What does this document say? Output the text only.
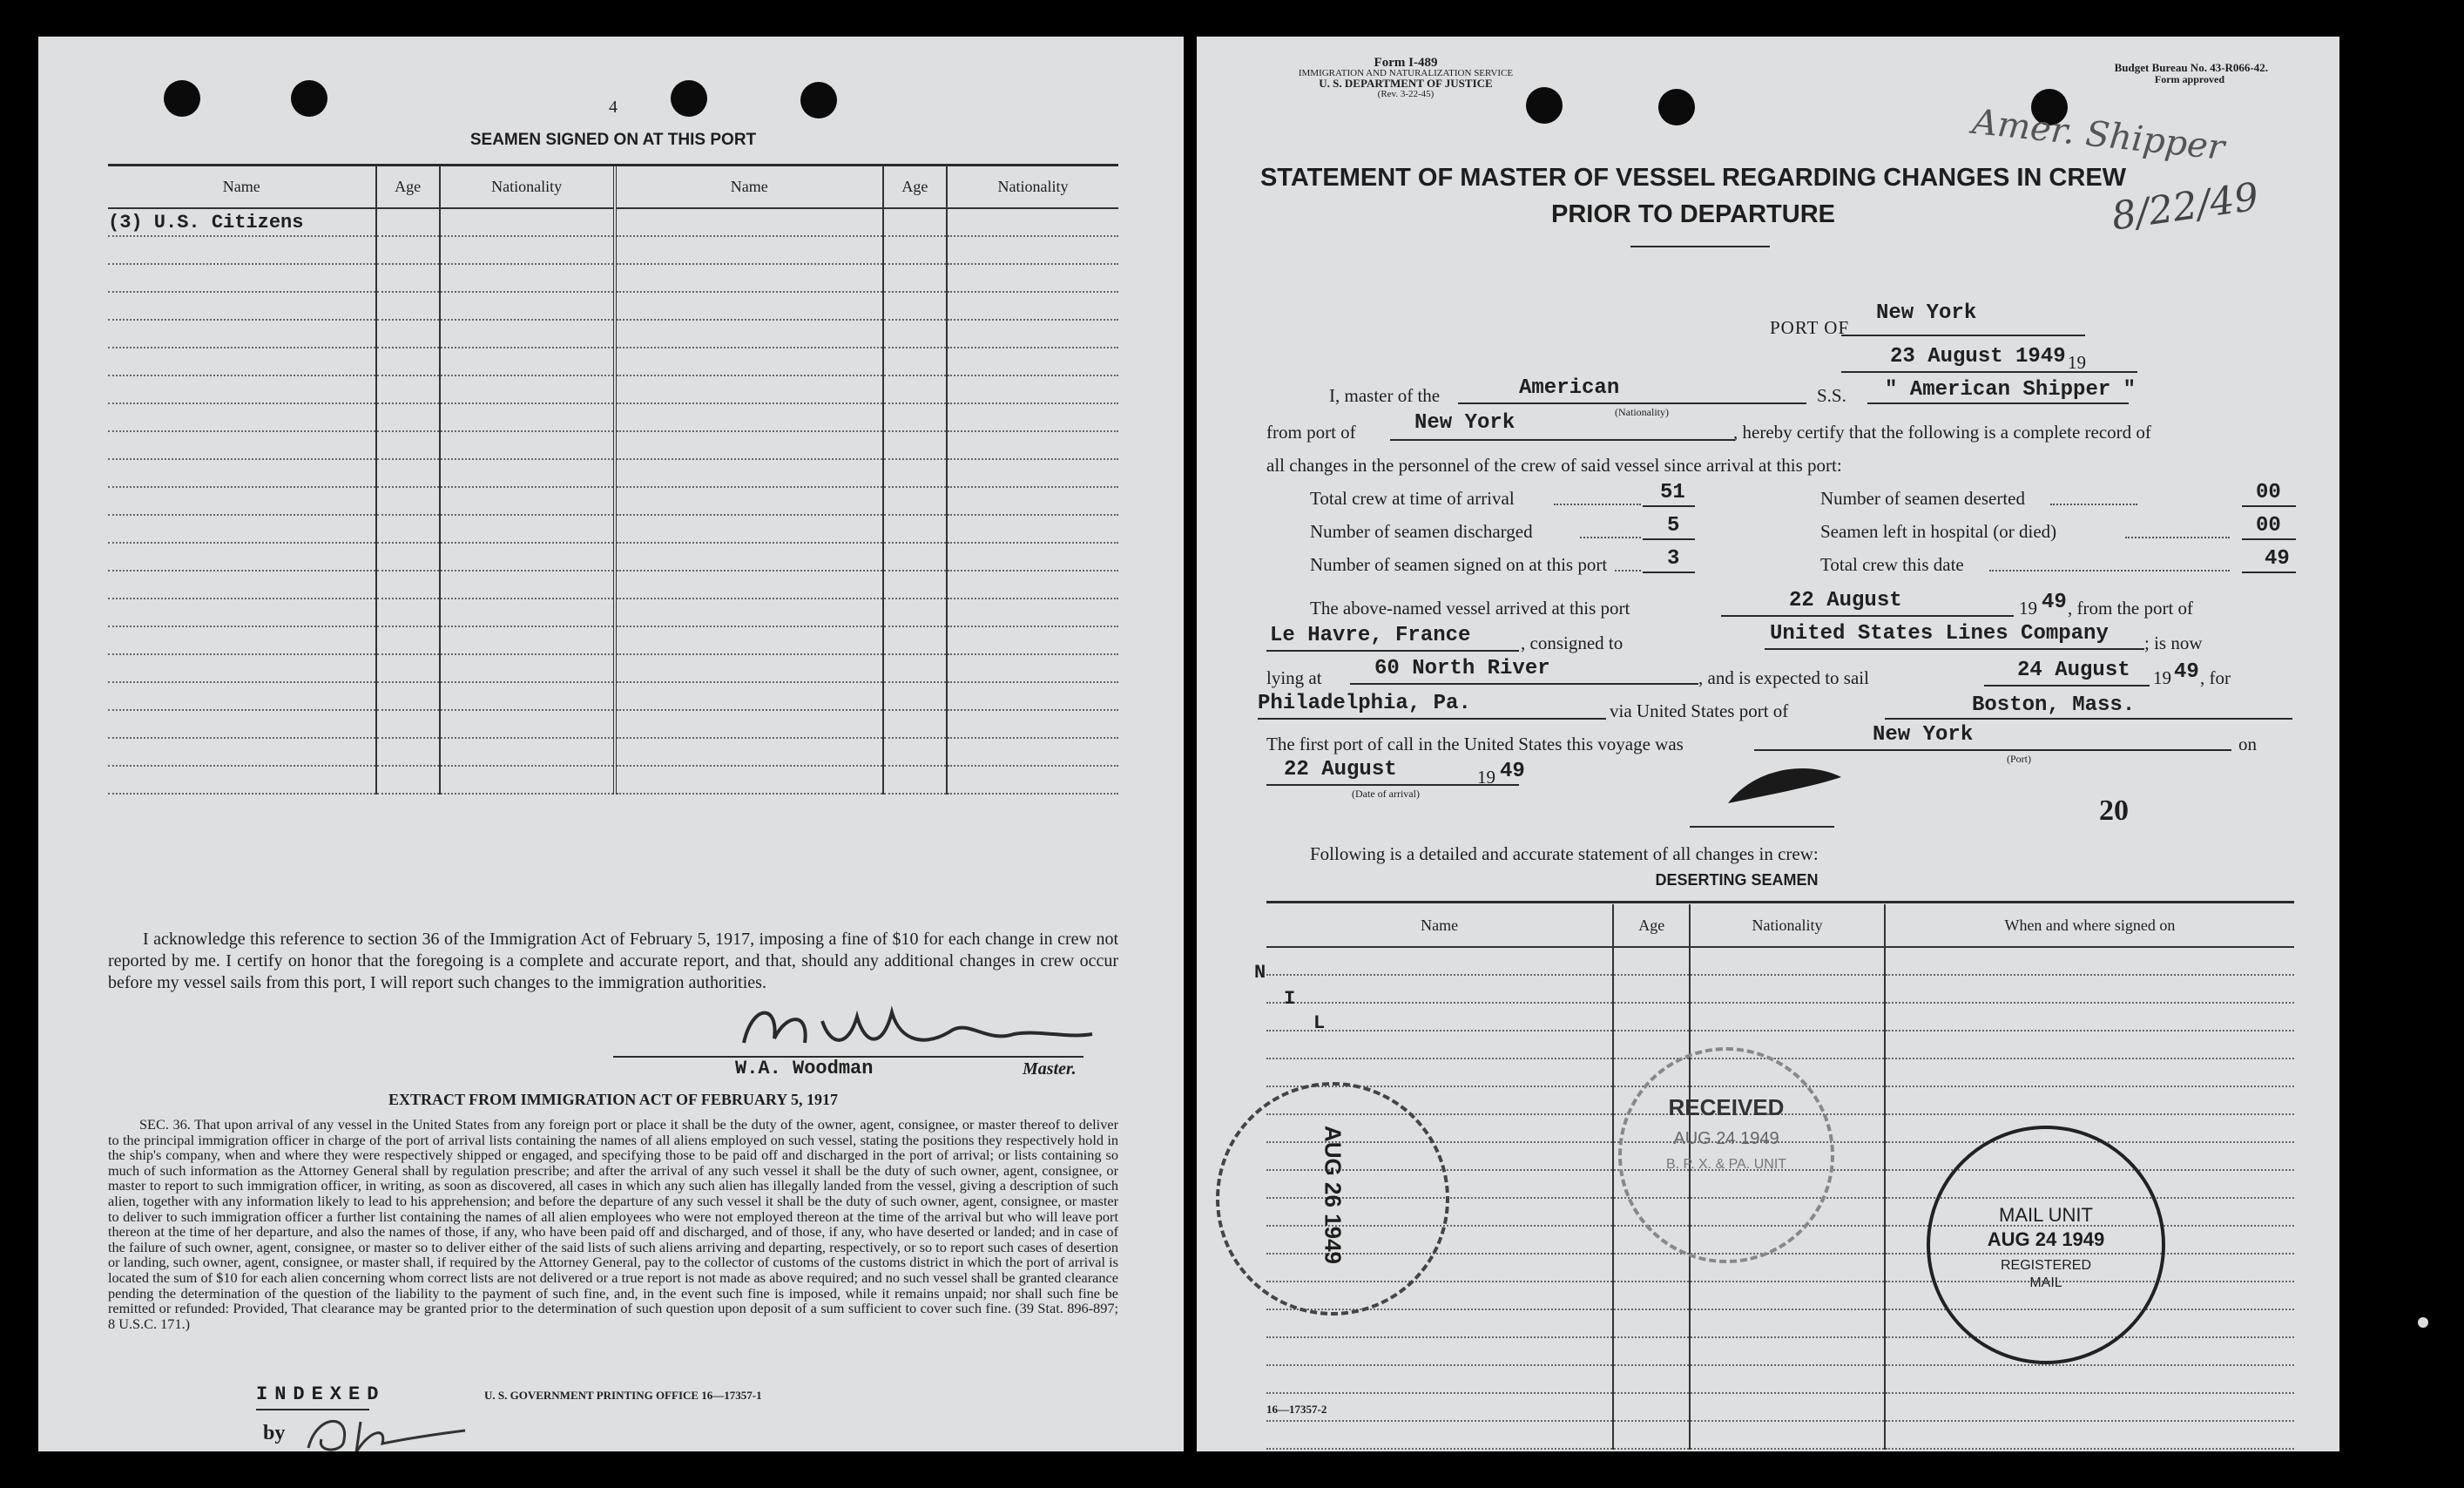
4
SEAMEN SIGNED ON AT THIS PORT
Name	Age	Nationality	Name	Age	Nationality
(3) U.S. Citizens					

I acknowledge this reference to section 36 of the Immigration Act of February 5, 1917, imposing a fine of $10 for each change in crew not reported by me. I certify on honor that the foregoing is a complete and accurate report, and that, should any additional changes in crew occur before my vessel sails from this port, I will report such changes to the immigration authorities.
W.A. Woodman	Master.
EXTRACT FROM IMMIGRATION ACT OF FEBRUARY 5, 1917
SEC. 36. That upon arrival of any vessel in the United States from any foreign port or place it shall be the duty of the owner, agent, consignee, or master thereof to deliver to the principal immigration officer in charge of the port of arrival lists containing the names of all aliens employed on such vessel, stating the positions they respectively hold in the ship's company, when and where they were respectively shipped or engaged, and specifying those to be paid off and discharged in the port of arrival; or lists containing so much of such information as the Attorney General shall by regulation prescribe; and after the arrival of any such vessel it shall be the duty of such owner, agent, consignee, or master to report to such immigration officer, in writing, as soon as discovered, all cases in which any such alien has illegally landed from the vessel, giving a description of such alien, together with any information likely to lead to his apprehension; and before the departure of any such vessel it shall be the duty of such owner, agent, consignee, or master to deliver to such immigration officer a further list containing the names of all alien employees who were not employed thereon at the time of the arrival but who will leave port thereon at the time of her departure, and also the names of those, if any, who have been paid off and discharged, and of those, if any, who have deserted or landed; and in case of the failure of such owner, agent, consignee, or master so to deliver either of the said lists of such aliens arriving and departing, respectively, or so to report such cases of desertion or landing, such owner, agent, consignee, or master shall, if required by the Attorney General, pay to the collector of customs of the customs district in which the port of arrival is located the sum of $10 for each alien concerning whom correct lists are not delivered or a true report is not made as above required; and no such vessel shall be granted clearance pending the determination of the question of the liability to the payment of such fine, and, in the event such fine is imposed, while it remains unpaid; nor shall such fine be remitted or refunded: Provided, That clearance may be granted prior to the determination of such question upon deposit of a sum sufficient to cover such fine. (39 Stat. 896-897; 8 U.S.C. 171.)
INDEXED
by
U. S. GOVERNMENT PRINTING OFFICE 16—17357-1
Form I-489
IMMIGRATION AND NATURALIZATION SERVICE
U. S. DEPARTMENT OF JUSTICE
(Rev. 3-22-45)
Budget Bureau No. 43-R066-42.
Form approved
Amer. Shipper
8/22/49
STATEMENT OF MASTER OF VESSEL REGARDING CHANGES IN CREW
PRIOR TO DEPARTURE
PORT OF
New York
23 August 1949 19
I, master of the	American
(Nationality)
S.S. " American Shipper "
from port of	New York	, hereby certify that the following is a complete record of
all changes in the personnel of the crew of said vessel since arrival at this port:
Total crew at time of arrival	51	Number of seamen deserted	00
Number of seamen discharged	5	Seamen left in hospital (or died)	00
Number of seamen signed on at this port	3	Total crew this date	49
The above-named vessel arrived at this port	22 August	19 49 , from the port of
Le Havre, France	, consigned to	United States Lines Company ; is now
lying at	60 North River	, and is expected to sail	24 August 19 49 , for
Philadelphia, Pa.	via United States port of	Boston, Mass.
The first port of call in the United States this voyage was	New York
(Port)
on
22 August	19 49
(Date of arrival)
20
Following is a detailed and accurate statement of all changes in crew:
DESERTING SEAMEN
Name	Age	Nationality	When and where signed on

N
I
L
16—17357-2
AUG 26 1949
RECEIVED
AUG 24 1949
B. P. X. & PA. UNIT
MAIL UNIT
AUG 24 1949
REGISTERED
MAIL
